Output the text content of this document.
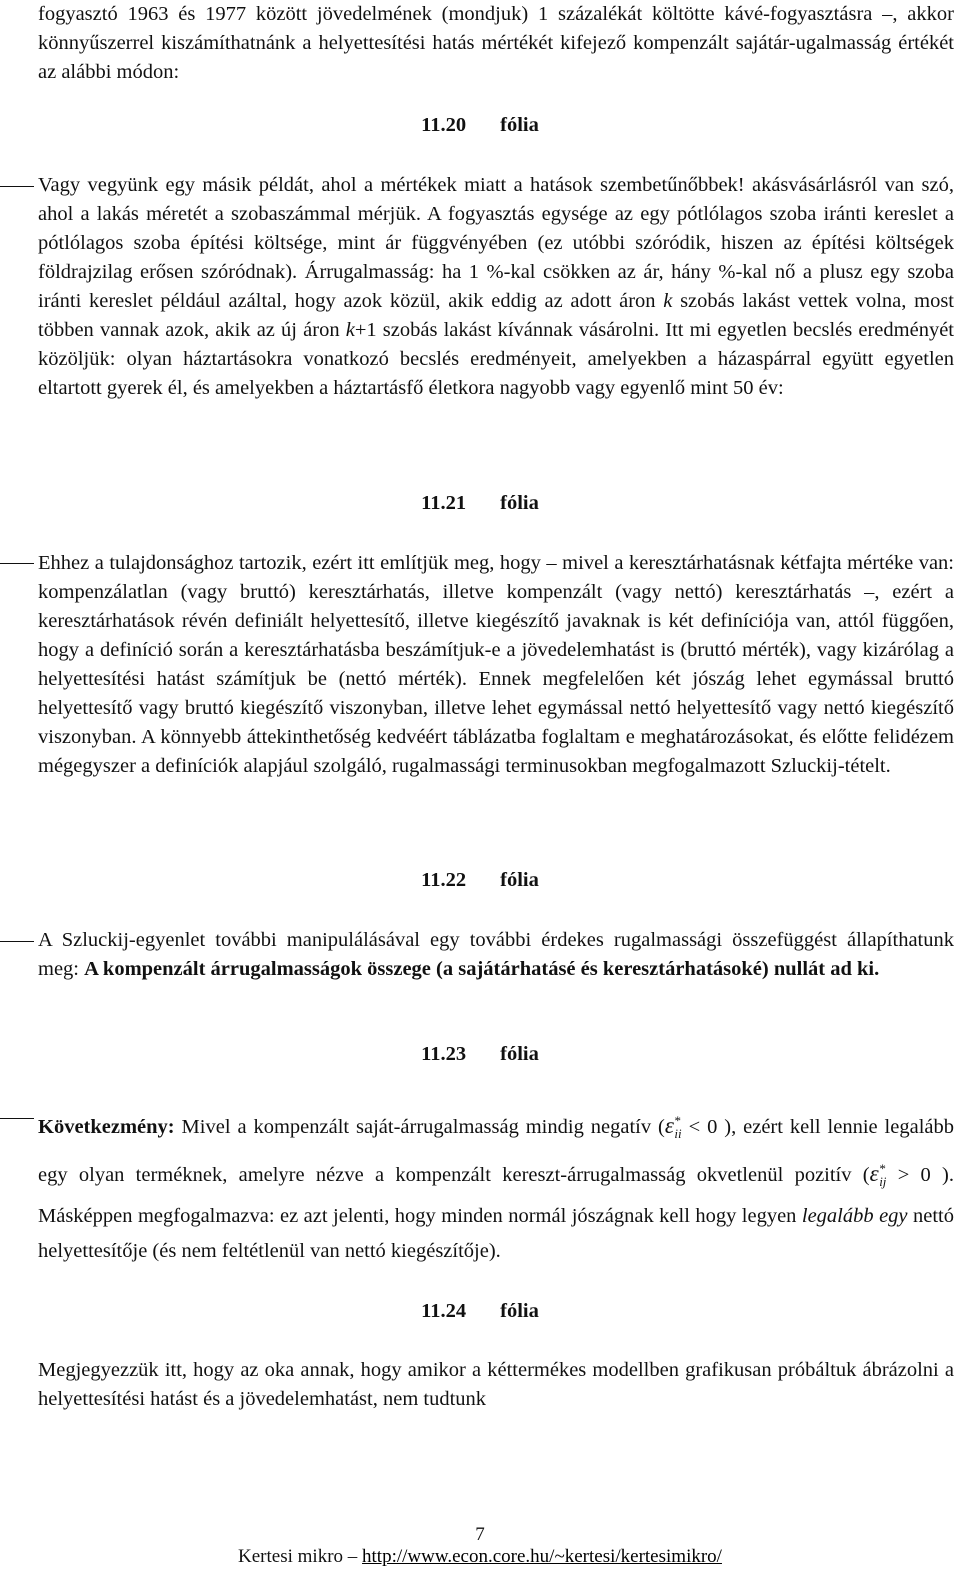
fogyasztó 1963 és 1977 között jövedelmének (mondjuk) 1 százalékát költötte kávé-fogyasztásra –, akkor könnyűszerrel kiszámíthatnánk a helyettesítési hatás mértékét kifejező kompenzált sajátár-ugalmasság értékét az alábbi módon:
11.20 fólia
Vagy vegyünk egy másik példát, ahol a mértékek miatt a hatások szembetűnőbbek! akásvásárlásról van szó, ahol a lakás méretét a szobaszámmal mérjük. A fogyasztás egysége az egy pótlólagos szoba iránti kereslet a pótlólagos szoba építési költsége, mint ár függvényében (ez utóbbi szóródik, hiszen az építési költségek földrajzilag erősen szóródnak). Árrugalmasság: ha 1 %-kal csökken az ár, hány %-kal nő a plusz egy szoba iránti kereslet például azáltal, hogy azok közül, akik eddig az adott áron k szobás lakást vettek volna, most többen vannak azok, akik az új áron k+1 szobás lakást kívánnak vásárolni. Itt mi egyetlen becslés eredményét közöljük: olyan háztartásokra vonatkozó becslés eredményeit, amelyekben a házaspárral együtt egyetlen eltartott gyerek él, és amelyekben a háztartásfő életkora nagyobb vagy egyenlő mint 50 év:
11.21 fólia
Ehhez a tulajdonsághoz tartozik, ezért itt említjük meg, hogy – mivel a keresztárhatásnak kétfajta mértéke van: kompenzálatlan (vagy bruttó) keresztárhatás, illetve kompenzált (vagy nettó) keresztárhatás –, ezért a keresztárhatások révén definiált helyettesítő, illetve kiegészítő javaknak is két definíciója van, attól függően, hogy a definíció során a keresztárhatásba beszámítjuk-e a jövedelemhatást is (bruttó mérték), vagy kizárólag a helyettesítési hatást számítjuk be (nettó mérték). Ennek megfelelően két jószág lehet egymással bruttó helyettesítő vagy bruttó kiegészítő viszonyban, illetve lehet egymással nettó helyettesítő vagy nettó kiegészítő viszonyban. A könnyebb áttekinthetőség kedvéért táblázatba foglaltam e meghatározásokat, és előtte felidézem mégegyszer a definíciók alapjául szolgáló, rugalmassági terminusokban megfogalmazott Szluckij-tételt.
11.22 fólia
A Szluckij-egyenlet további manipulálásával egy további érdekes rugalmassági összefüggést állapíthatunk meg: A kompenzált árrugalmasságok összege (a sajátárhatásé és keresztárhatásoké) nullát ad ki.
11.23 fólia
Következmény: Mivel a kompenzált saját-árrugalmasság mindig negatív ($\varepsilon^*_{ii} < 0$ ), ezért kell lennie legalább egy olyan terméknek, amelyre nézve a kompenzált kereszt-árrugalmasság okvetlenül pozitív ($\varepsilon^*_{ij} > 0$ ). Másképpen megfogalmazva: ez azt jelenti, hogy minden normál jószágnak kell hogy legyen legalább egy nettó helyettesítője (és nem feltétlenül van nettó kiegészítője).
11.24 fólia
Megjegyezzük itt, hogy az oka annak, hogy amikor a kéttermékes modellben grafikusan próbáltuk ábrázolni a helyettesítési hatást és a jövedelemhatást, nem tudtunk
7
Kertesi mikro – http://www.econ.core.hu/~kertesi/kertesimikro/
